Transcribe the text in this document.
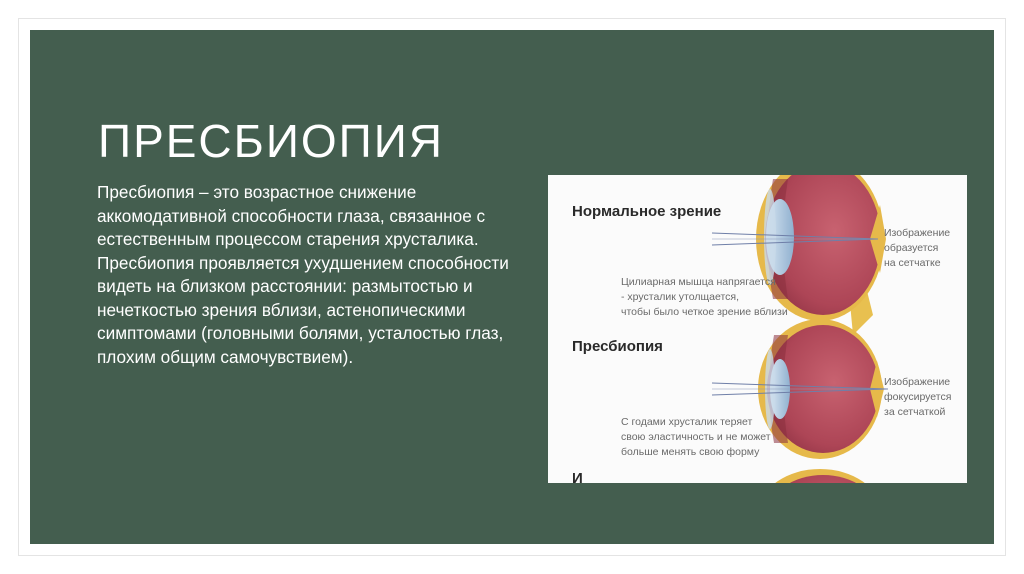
ПРЕСБИОПИЯ

Пресбиопия – это возрастное снижение аккомодативной способности глаза, связанное с естественным процессом старения хрусталика. Пресбиопия проявляется ухудшением способности видеть на близком расстоянии: размытостью и нечеткостью зрения вблизи, астенопическими симптомами (головными болями, усталостью глаз, плохим общим самочувствием).

Нормальное зрение
Изображение
образуется
на сетчатке
Цилиарная мышца напрягается
- хрусталик утолщается,
чтобы было четкое зрение вблизи
Пресбиопия
Изображение
фокусируется
за сетчаткой
С годами хрусталик теряет
свою эластичность и не может
больше менять свою форму
И
